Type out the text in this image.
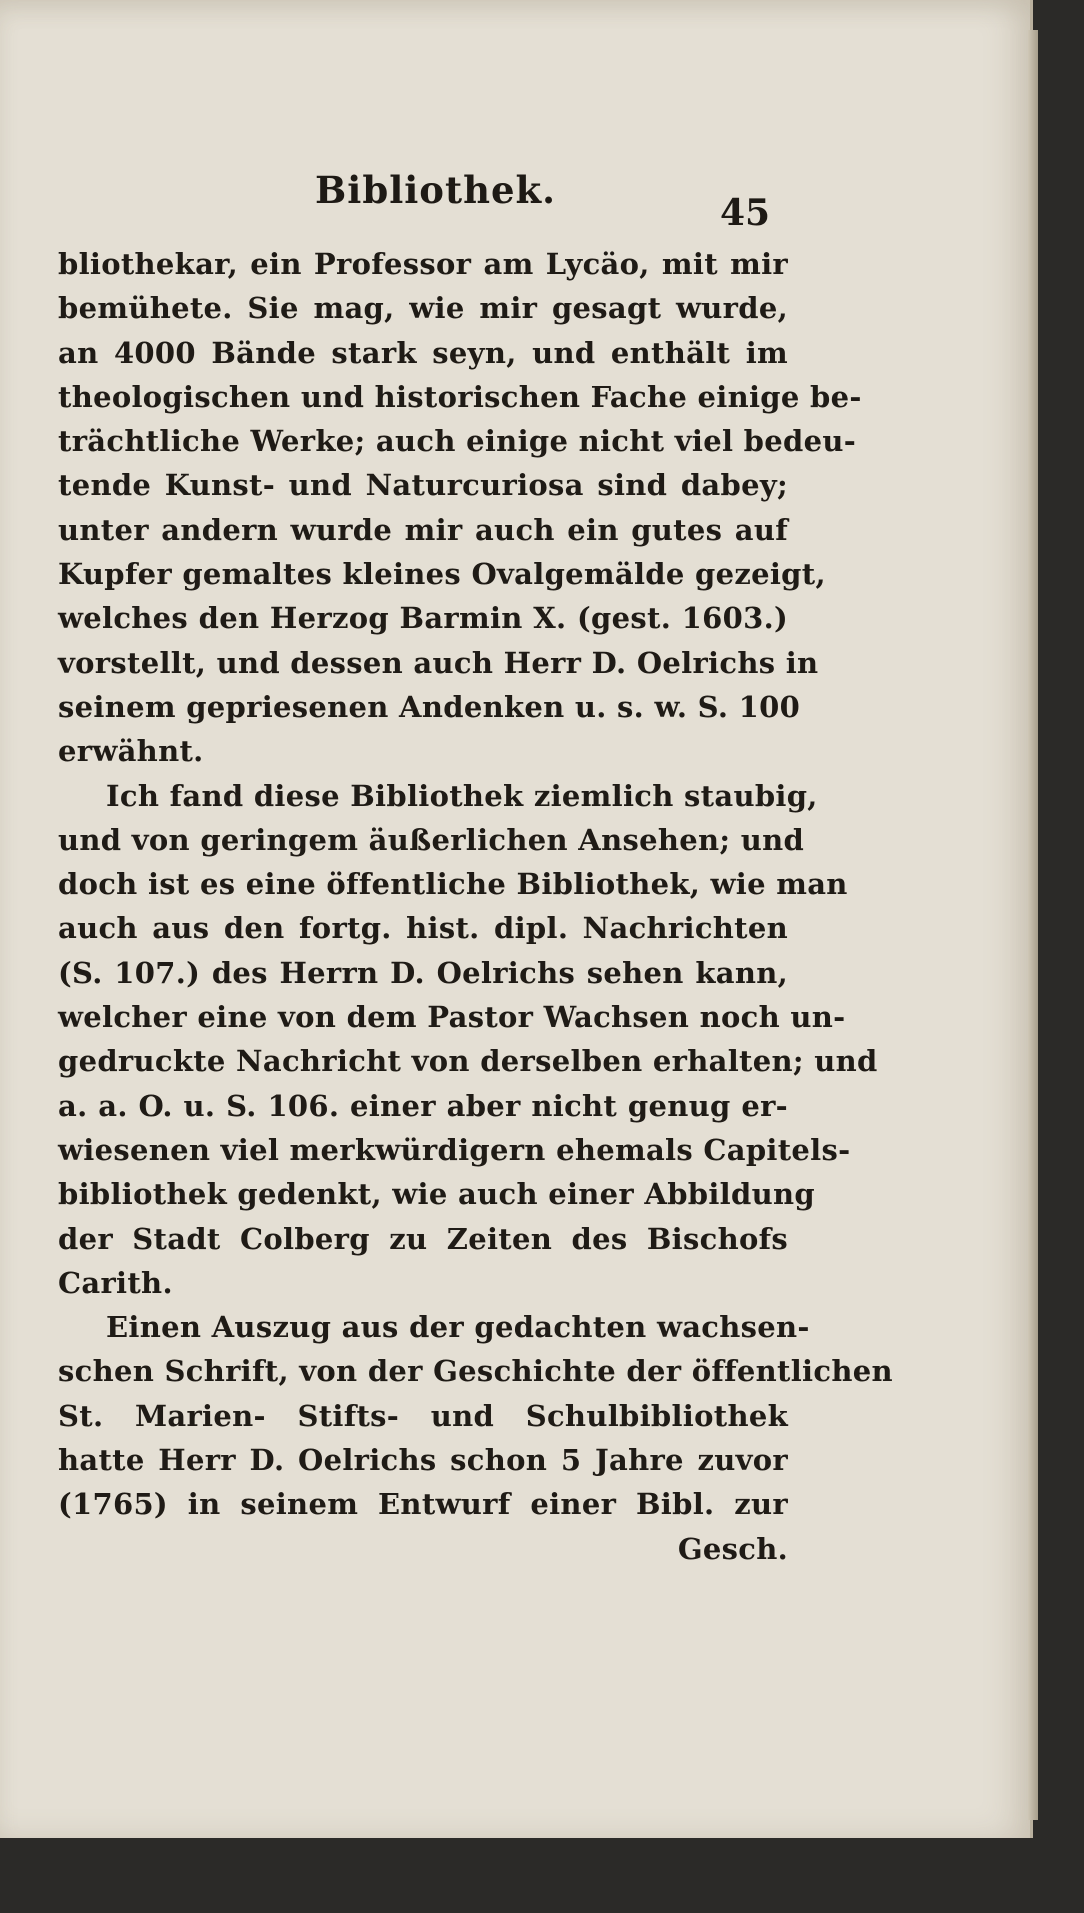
Bibliothek.
45
bliothekar, ein Professor am Lycäo, mit mir
bemühete. Sie mag, wie mir gesagt wurde,
an 4000 Bände stark seyn, und enthält im
theologischen und historischen Fache einige be-
trächtliche Werke; auch einige nicht viel bedeu-
tende Kunst- und Naturcuriosa sind dabey;
unter andern wurde mir auch ein gutes auf
Kupfer gemaltes kleines Ovalgemälde gezeigt,
welches den Herzog Barmin X. (gest. 1603.)
vorstellt, und dessen auch Herr D. Oelrichs in
seinem gepriesenen Andenken u. s. w. S. 100
erwähnt.
Ich fand diese Bibliothek ziemlich staubig,
und von geringem äußerlichen Ansehen; und
doch ist es eine öffentliche Bibliothek, wie man
auch aus den fortg. hist. dipl. Nachrichten
(S. 107.) des Herrn D. Oelrichs sehen kann,
welcher eine von dem Pastor Wachsen noch un-
gedruckte Nachricht von derselben erhalten; und
a. a. O. u. S. 106. einer aber nicht genug er-
wiesenen viel merkwürdigern ehemals Capitels-
bibliothek gedenkt, wie auch einer Abbildung
der Stadt Colberg zu Zeiten des Bischofs
Carith.
Einen Auszug aus der gedachten wachsen-
schen Schrift, von der Geschichte der öffentlichen
St. Marien- Stifts- und Schulbibliothek
hatte Herr D. Oelrichs schon 5 Jahre zuvor
(1765) in seinem Entwurf einer Bibl. zur
Gesch.
